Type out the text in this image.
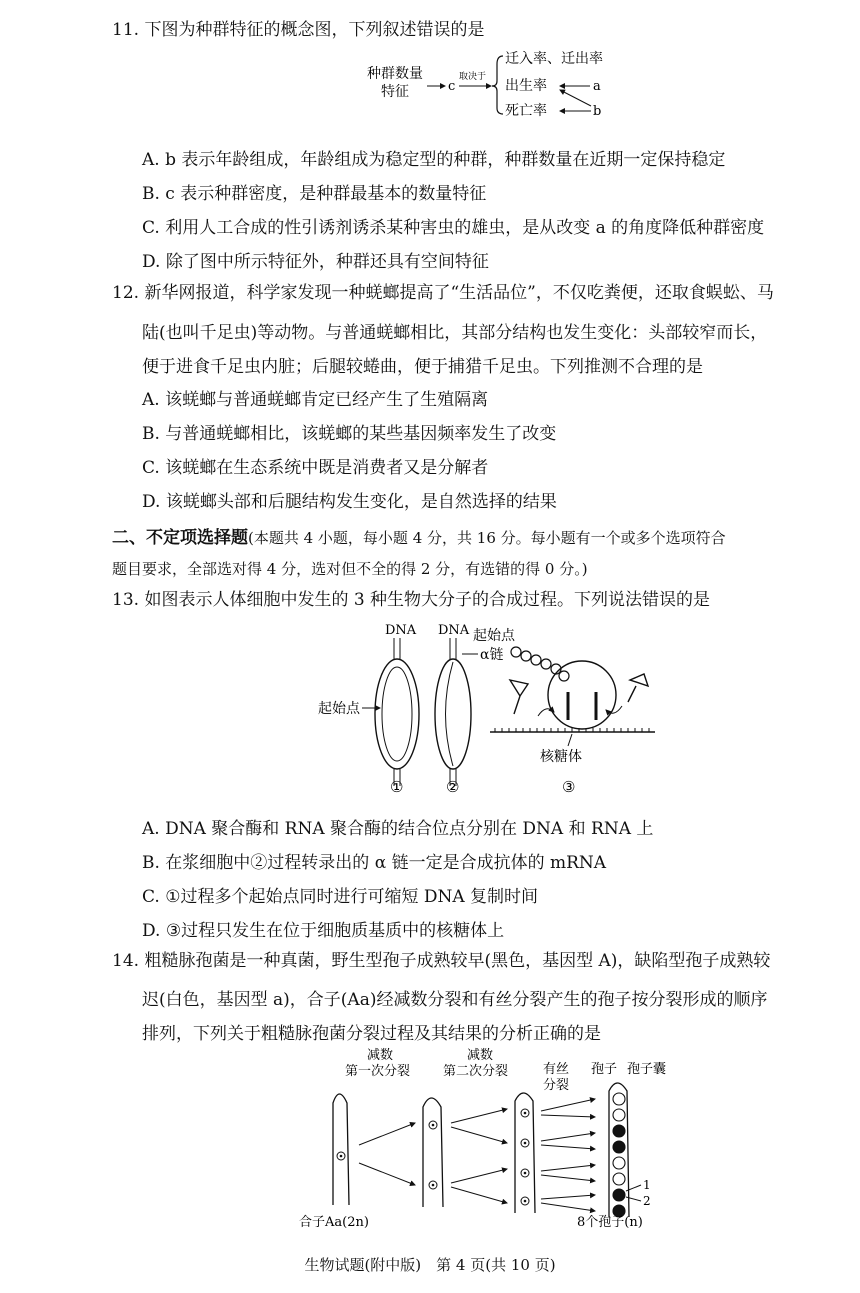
11. 下图为种群特征的概念图，下列叙述错误的是
种群数量
特征	c
取决于
迁入率、迁出率
出生率
死亡率
a
b
A. b 表示年龄组成，年龄组成为稳定型的种群，种群数量在近期一定保持稳定
B. c 表示种群密度，是种群最基本的数量特征
C. 利用人工合成的性引诱剂诱杀某种害虫的雄虫，是从改变 a 的角度降低种群密度
D. 除了图中所示特征外，种群还具有空间特征
12. 新华网报道，科学家发现一种蜣螂提高了“生活品位”，不仅吃粪便，还取食蜈蚣、马
陆(也叫千足虫)等动物。与普通蜣螂相比，其部分结构也发生变化：头部较窄而长，
便于进食千足虫内脏；后腿较蜷曲，便于捕猎千足虫。下列推测不合理的是
A. 该蜣螂与普通蜣螂肯定已经产生了生殖隔离
B. 与普通蜣螂相比，该蜣螂的某些基因频率发生了改变
C. 该蜣螂在生态系统中既是消费者又是分解者
D. 该蜣螂头部和后腿结构发生变化，是自然选择的结果
二、不定项选择题(本题共 4 小题，每小题 4 分，共 16 分。每小题有一个或多个选项符合
题目要求，全部选对得 4 分，选对但不全的得 2 分，有选错的得 0 分。)
13. 如图表示人体细胞中发生的 3 种生物大分子的合成过程。下列说法错误的是
DNA DNA
起始点
起始点
α链
核糖体
①	②	③
A. DNA 聚合酶和 RNA 聚合酶的结合位点分别在 DNA 和 RNA 上
B. 在浆细胞中②过程转录出的 α 链一定是合成抗体的 mRNA
C. ①过程多个起始点同时进行可缩短 DNA 复制时间
D. ③过程只发生在位于细胞质基质中的核糖体上
14. 粗糙脉孢菌是一种真菌，野生型孢子成熟较早(黑色，基因型 A)，缺陷型孢子成熟较
迟(白色，基因型 a)，合子(Aa)经减数分裂和有丝分裂产生的孢子按分裂形成的顺序
排列，下列关于粗糙脉孢菌分裂过程及其结果的分析正确的是
减数
第一次分裂
减数
第二次分裂	有丝
分裂
孢子 孢子囊
1
2
合子Aa(2n)	8个孢子(n)
生物试题(附中版)　第 4 页(共 10 页)
